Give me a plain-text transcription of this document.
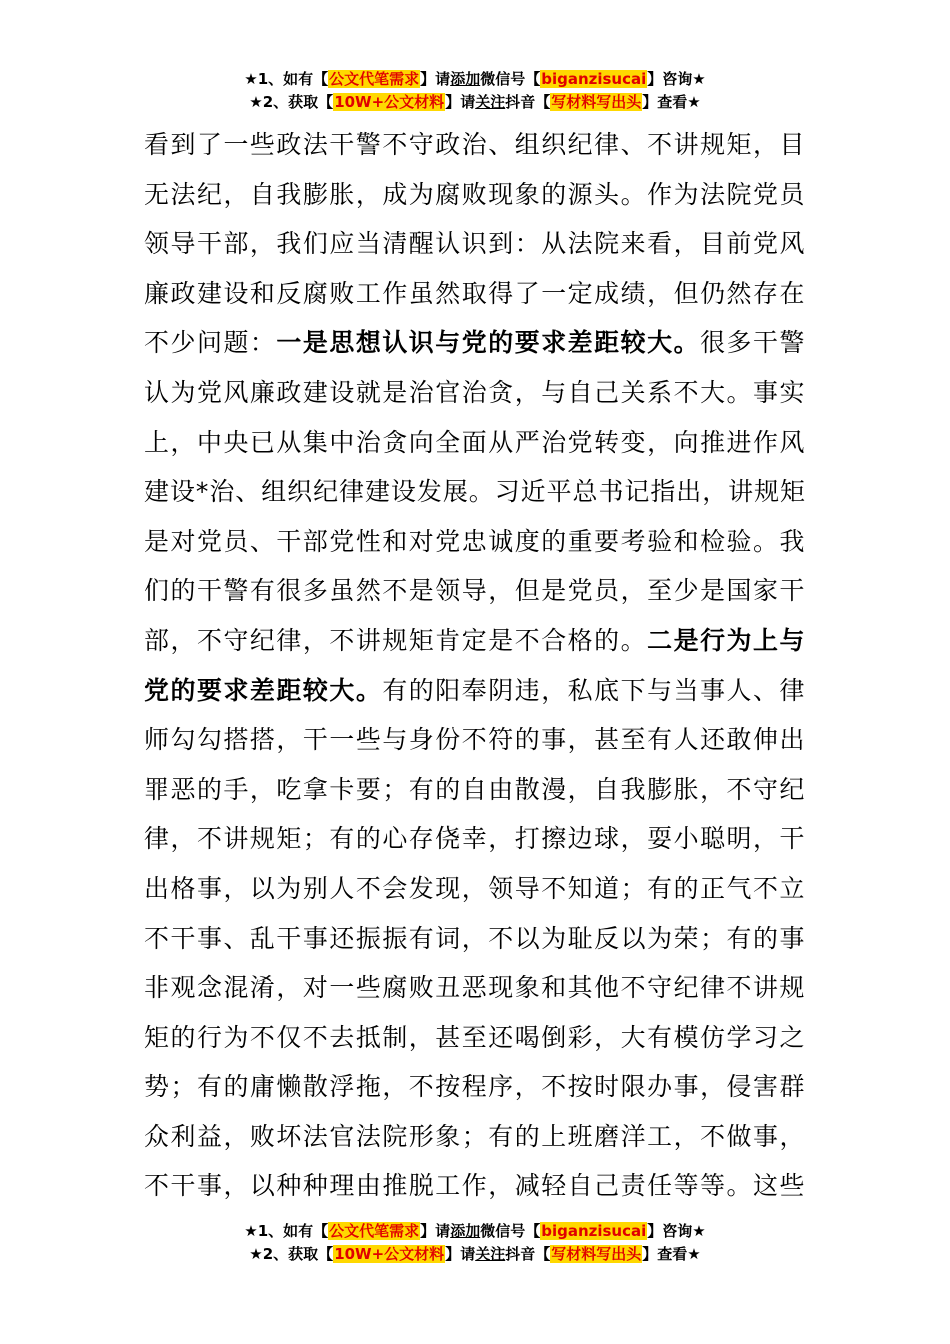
★1、如有【公文代笔需求】请添加微信号【biganzisucai】咨询★
★2、获取【10W+公文材料】请关注抖音【写材料写出头】查看★
看到了一些政法干警不守政治、组织纪律、不讲规矩，目
无法纪，自我膨胀，成为腐败现象的源头。作为法院党员
领导干部，我们应当清醒认识到：从法院来看，目前党风
廉政建设和反腐败工作虽然取得了一定成绩，但仍然存在
不少问题：一是思想认识与党的要求差距较大。很多干警
认为党风廉政建设就是治官治贪，与自己关系不大。事实
上，中央已从集中治贪向全面从严治党转变，向推进作风
建设*治、组织纪律建设发展。习近平总书记指出，讲规矩
是对党员、干部党性和对党忠诚度的重要考验和检验。我
们的干警有很多虽然不是领导，但是党员，至少是国家干
部，不守纪律，不讲规矩肯定是不合格的。二是行为上与
党的要求差距较大。有的阳奉阴违，私底下与当事人、律
师勾勾搭搭，干一些与身份不符的事，甚至有人还敢伸出
罪恶的手，吃拿卡要；有的自由散漫，自我膨胀，不守纪
律，不讲规矩；有的心存侥幸，打擦边球，耍小聪明，干
出格事，以为别人不会发现，领导不知道；有的正气不立
不干事、乱干事还振振有词，不以为耻反以为荣；有的事
非观念混淆，对一些腐败丑恶现象和其他不守纪律不讲规
矩的行为不仅不去抵制，甚至还喝倒彩，大有模仿学习之
势；有的庸懒散浮拖，不按程序，不按时限办事，侵害群
众利益，败坏法官法院形象；有的上班磨洋工，不做事，
不干事，以种种理由推脱工作，减轻自己责任等等。这些
★1、如有【公文代笔需求】请添加微信号【biganzisucai】咨询★
★2、获取【10W+公文材料】请关注抖音【写材料写出头】查看★
